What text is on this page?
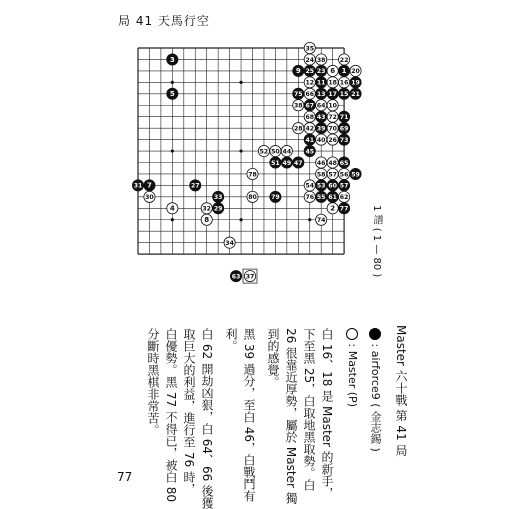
局 41 天馬行空
3
35
24 38 22
9 25 23 6 1 20
12 11 18 16 19
5	75 66 13 17 15 21
38 67 64 10
68 43 72 71
28 42 39 70 69
41 40 26 73
52 50 44 45
51 49 47 46 48 65
78	58 57 56 59
31 7	27	54 53 60 57
30	33	80 79	76 55 61 62
4	32 29	2 77
8	74
34
63 37	1 譜 ( 1 — 80 )
Master 六十戰 第 41 局
: airforce9 ( 金志錫 )
: Master (P)
白 16、18 是 Master 的新手，
下至黑 25，白取地黑取勢。白
26 很靠近厚勢，屬於 Master 獨
到的感覺。
黑 39 過分，至白 46，白戰鬥有
利。
白 62 開劫凶狠，白 64、66 後獲
取巨大的利益，進行至 76 時，
白優勢。黑 77 不得已，被白 80
分斷時黑棋非常苦。
77
